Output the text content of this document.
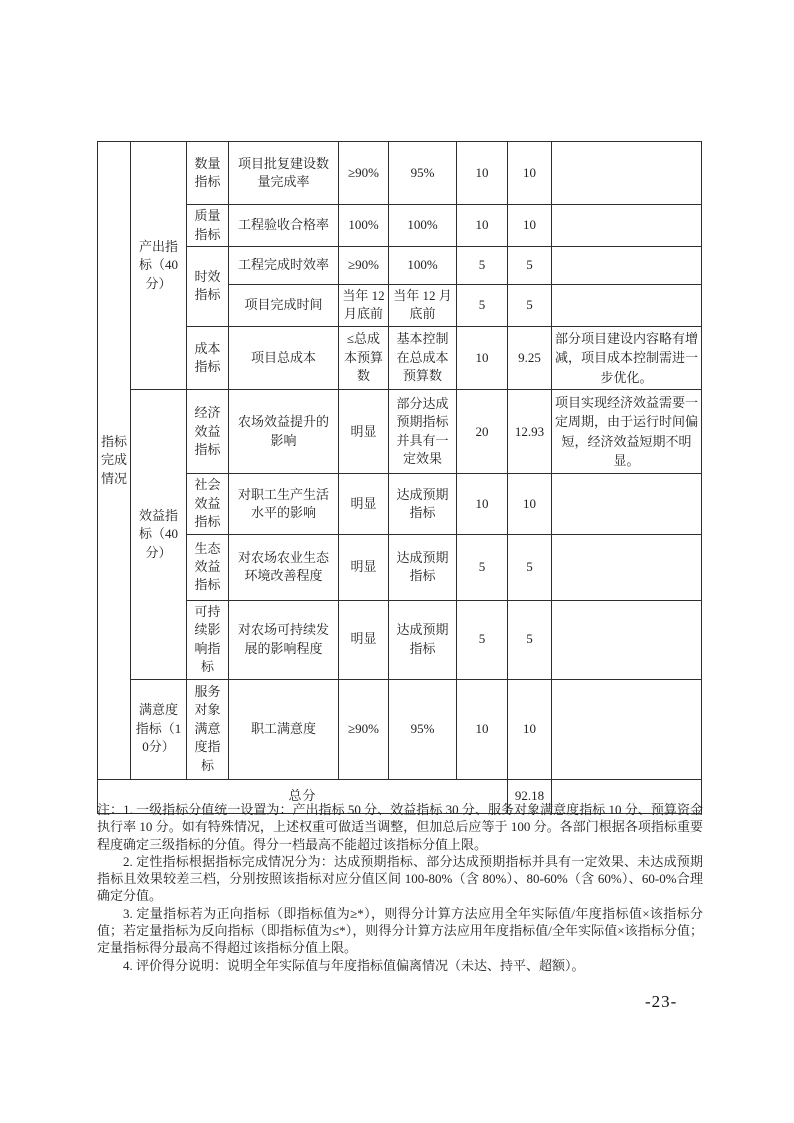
指标完成情况	产出指标（40分）	数量指标	项目批复建设数量完成率	≥90%	95%	10	10	
		质量指标	工程验收合格率	100%	100%	10	10	
		时效指标	工程完成时效率	≥90%	100%	5	5	
			项目完成时间	当年 12 月底前	当年 12 月底前	5	5	
		成本指标	项目总成本	≤总成本预算数	基本控制在总成本预算数	10	9.25	部分项目建设内容略有增减，项目成本控制需进一步优化。
	效益指标（40分）	经济效益指标	农场效益提升的影响	明显	部分达成预期指标并具有一定效果	20	12.93	项目实现经济效益需要一定周期，由于运行时间偏短，经济效益短期不明显。
		社会效益指标	对职工生产生活水平的影响	明显	达成预期指标	10	10	
		生态效益指标	对农场农业生态环境改善程度	明显	达成预期指标	5	5	
		可持续影响指标	对农场可持续发展的影响程度	明显	达成预期指标	5	5	
	满意度指标（10分）	服务对象满意度指标	职工满意度	≥90%	95%	10	10	
总分							92.18	

注：1. 一级指标分值统一设置为：产出指标 50 分、效益指标 30 分、服务对象满意度指标 10 分、预算资金执行率 10 分。如有特殊情况，上述权重可做适当调整，但加总后应等于 100 分。各部门根据各项指标重要程度确定三级指标的分值。得分一档最高不能超过该指标分值上限。

2. 定性指标根据指标完成情况分为：达成预期指标、部分达成预期指标并具有一定效果、未达成预期指标且效果较差三档，分别按照该指标对应分值区间 100-80%（含 80%）、80-60%（含 60%）、60-0%合理确定分值。

3. 定量指标若为正向指标（即指标值为≥*），则得分计算方法应用全年实际值/年度指标值×该指标分值；若定量指标为反向指标（即指标值为≤*），则得分计算方法应用年度指标值/全年实际值×该指标分值；定量指标得分最高不得超过该指标分值上限。

4. 评价得分说明：说明全年实际值与年度指标值偏离情况（未达、持平、超额）。

-23-
